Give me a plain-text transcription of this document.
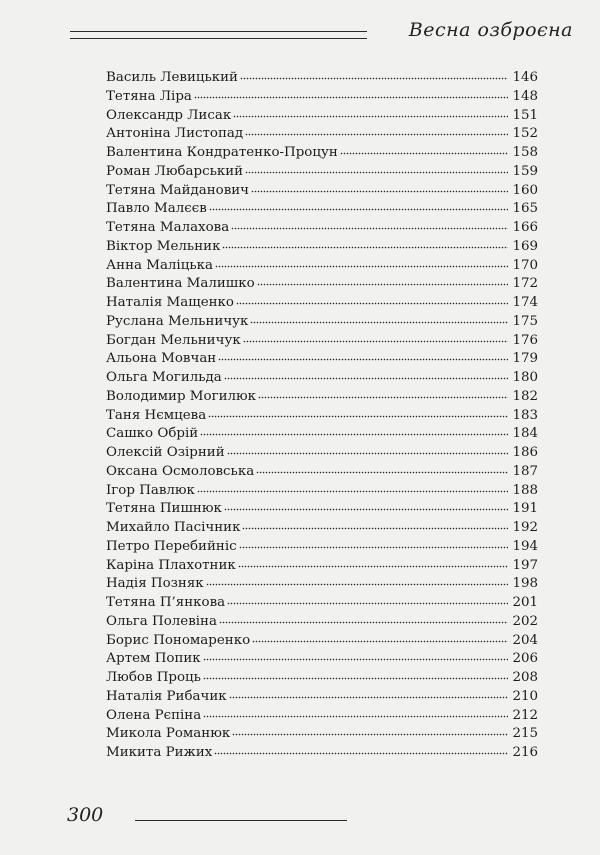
Весна озброєна
Василь Левицький	146
Тетяна Ліра	148
Олександр Лисак	151
Антоніна Листопад	152
Валентина Кондратенко-Процун	158
Роман Любарський	159
Тетяна Майданович	160
Павло Малєєв	165
Тетяна Малахова	166
Віктор Мельник	169
Анна Маліцька	170
Валентина Малишко	172
Наталія Мащенко	174
Руслана Мельничук	175
Богдан Мельничук	176
Альона Мовчан	179
Ольга Могильда	180
Володимир Могилюк	182
Таня Нємцева	183
Сашко Обрій	184
Олексій Озірний	186
Оксана Осмоловська	187
Ігор Павлюк	188
Тетяна Пишнюк	191
Михайло Пасічник	192
Петро Перебийніс	194
Каріна Плахотник	197
Надія Позняк	198
Тетяна П’янкова	201
Ольга Полевіна	202
Борис Пономаренко	204
Артем Попик	206
Любов Проць	208
Наталія Рибачик	210
Олена Рєпіна	212
Микола Романюк	215
Микита Рижих	216
300
